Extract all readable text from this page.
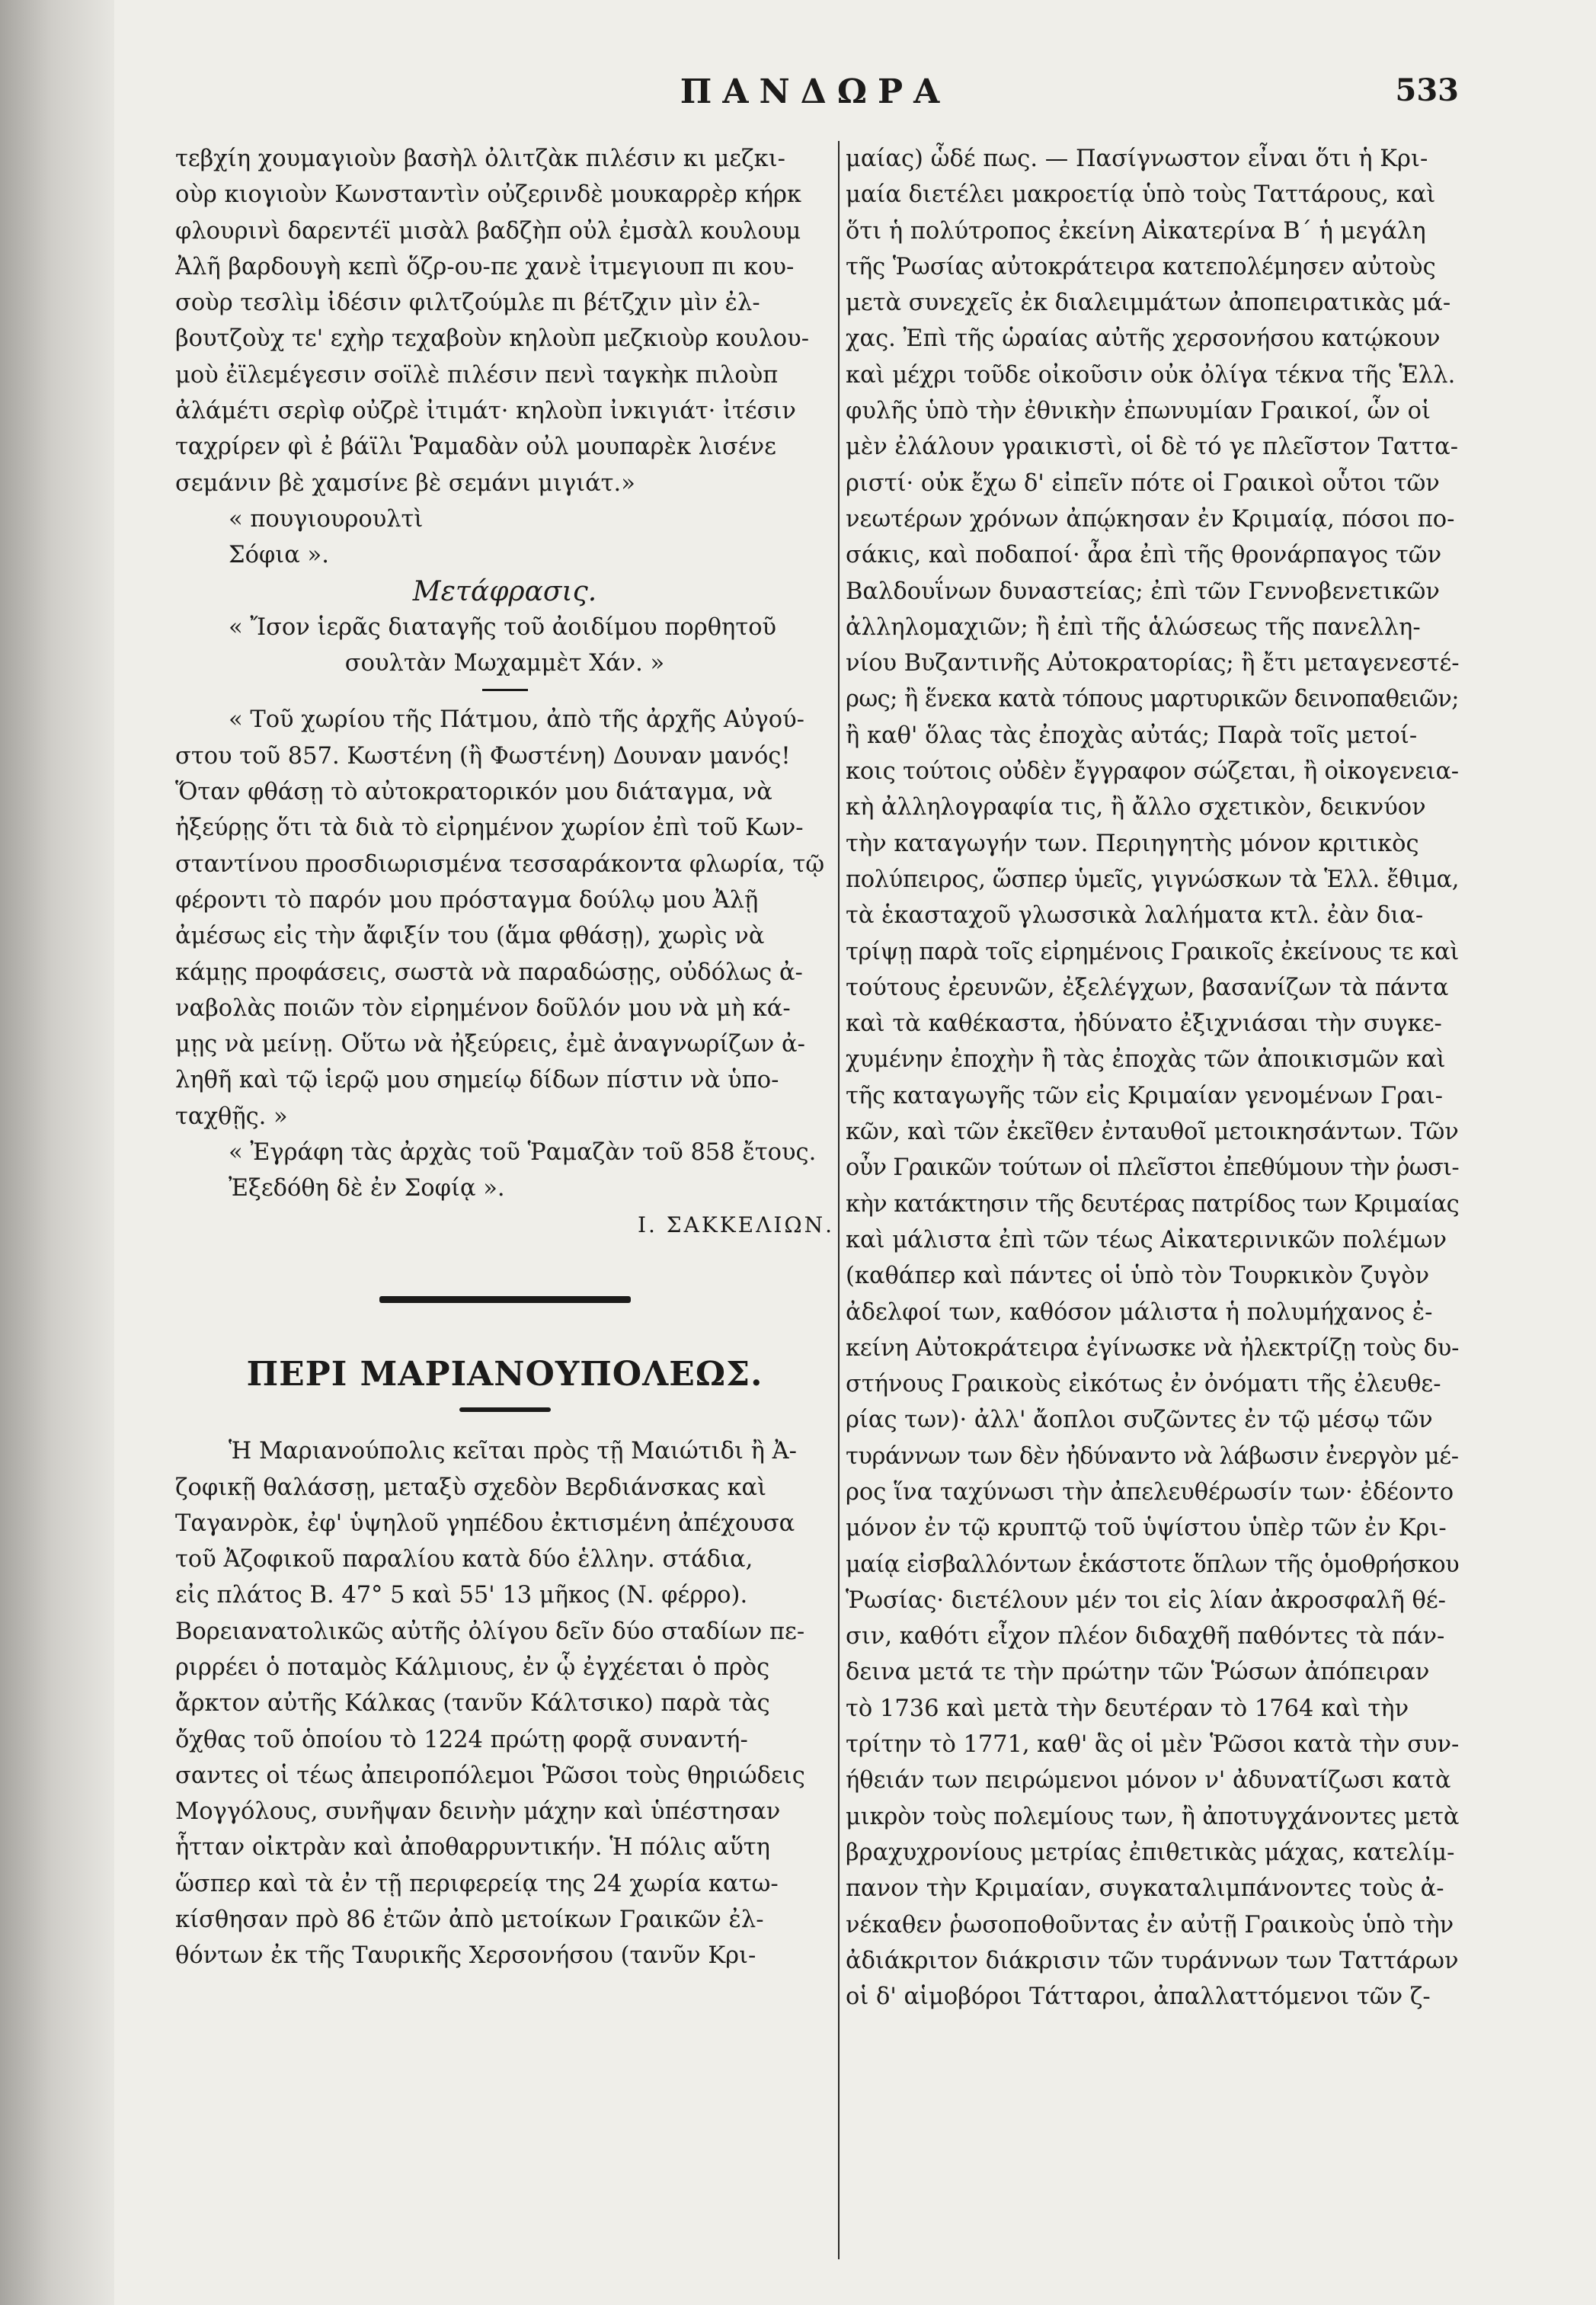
ΠΑΝΔΩΡΑ	533
τεβχίη χουμαγιοὺν βασὴλ ὀλιτζὰκ πιλέσιν κι μεζκι-
οὺρ κιογιοὺν Κωνσταντὶν οὐζερινδὲ μουκαρρὲρ κήρκ
φλουρινὶ δαρεντέϊ μισὰλ βαδζὴπ οὐλ ἐμσὰλ κουλουμ
Ἀλῆ βαρδουγὴ κεπὶ ὅζρ-ου-πε χανὲ ἰτμεγιουπ πι κου-
σοὺρ τεσλὶμ ἰδέσιν φιλτζούμλε πι βέτζχιν μὶν ἐλ-
βουτζοὺχ τε' εχὴρ τεχαβοὺν κηλοὺπ μεζκιοὺρ κουλου-
μοὺ ἐϊλεμέγεσιν σοϊλὲ πιλέσιν πενὶ ταγκὴκ πιλοὺπ
ἀλάμέτι σερὶφ οὐζρὲ ἰτιμάτ· κηλοὺπ ἰνκιγιάτ· ἰτέσιν
ταχρίρεν φὶ ἐ βάϊλι Ῥαμαδὰν οὐλ μουπαρὲκ λισένε
σεμάνιν βὲ χαμσίνε βὲ σεμάνι μιγιάτ.»
« πουγιουρουλτὶ
Σόφια ».
Μετάφρασις.
« Ἴσον ἱερᾶς διαταγῆς τοῦ ἀοιδίμου πορθητοῦ
σουλτὰν Μωχαμμὲτ Χάν. »
« Τοῦ χωρίου τῆς Πάτμου, ἀπὸ τῆς ἀρχῆς Αὐγού-
στου τοῦ 857. Κωστένη (ἢ Φωστένη) Δουναν μανός!
Ὅταν φθάσῃ τὸ αὐτοκρατορικόν μου διάταγμα, νὰ
ἠξεύρῃς ὅτι τὰ διὰ τὸ εἰρημένον χωρίον ἐπὶ τοῦ Κων-
σταντίνου προσδιωρισμένα τεσσαράκοντα φλωρία, τῷ
φέροντι τὸ παρόν μου πρόσταγμα δούλῳ μου Ἀλῇ
ἀμέσως εἰς τὴν ἄφιξίν του (ἅμα φθάσῃ), χωρὶς νὰ
κάμῃς προφάσεις, σωστὰ νὰ παραδώσῃς, οὐδόλως ἀ-
ναβολὰς ποιῶν τὸν εἰρημένον δοῦλόν μου νὰ μὴ κά-
μῃς νὰ μείνῃ. Οὕτω νὰ ἠξεύρεις, ἐμὲ ἀναγνωρίζων ἀ-
ληθῆ καὶ τῷ ἱερῷ μου σημείῳ δίδων πίστιν νὰ ὑπο-
ταχθῇς. »
« Ἐγράφη τὰς ἀρχὰς τοῦ Ῥαμαζὰν τοῦ 858 ἔτους.
Ἐξεδόθη δὲ ἐν Σοφίᾳ ».
Ι. ΣΑΚΚΕΛΙΩΝ.
ΠΕΡΙ ΜΑΡΙΑΝΟΥΠΟΛΕΩΣ.
Ἡ Μαριανούπολις κεῖται πρὸς τῇ Μαιώτιδι ἢ Ἀ-
ζοφικῇ θαλάσσῃ, μεταξὺ σχεδὸν Βερδιάνσκας καὶ
Ταγανρὸκ, ἐφ' ὑψηλοῦ γηπέδου ἐκτισμένη ἀπέχουσα
τοῦ Ἀζοφικοῦ παραλίου κατὰ δύο ἑλλην. στάδια,
εἰς πλάτος Β. 47° 5 καὶ 55' 13 μῆκος (Ν. φέρρο).
Βορειανατολικῶς αὐτῆς ὀλίγου δεῖν δύο σταδίων πε-
ριρρέει ὁ ποταμὸς Κάλμιους, ἐν ᾧ ἐγχέεται ὁ πρὸς
ἄρκτον αὐτῆς Κάλκας (τανῦν Κάλτσικο) παρὰ τὰς
ὄχθας τοῦ ὁποίου τὸ 1224 πρώτῃ φορᾷ συναντή-
σαντες οἱ τέως ἀπειροπόλεμοι Ῥῶσοι τοὺς θηριώδεις
Μογγόλους, συνῆψαν δεινὴν μάχην καὶ ὑπέστησαν
ἧτταν οἰκτρὰν καὶ ἀποθαρρυντικήν. Ἡ πόλις αὕτη
ὥσπερ καὶ τὰ ἐν τῇ περιφερείᾳ της 24 χωρία κατω-
κίσθησαν πρὸ 86 ἐτῶν ἀπὸ μετοίκων Γραικῶν ἐλ-
θόντων ἐκ τῆς Ταυρικῆς Χερσονήσου (τανῦν Κρι-
μαίας) ὧδέ πως. — Πασίγνωστον εἶναι ὅτι ἡ Κρι-
μαία διετέλει μακροετίᾳ ὑπὸ τοὺς Ταττάρους, καὶ
ὅτι ἡ πολύτροπος ἐκείνη Αἰκατερίνα Β΄ ἡ μεγάλη
τῆς Ῥωσίας αὐτοκράτειρα κατεπολέμησεν αὐτοὺς
μετὰ συνεχεῖς ἐκ διαλειμμάτων ἀποπειρατικὰς μά-
χας. Ἐπὶ τῆς ὡραίας αὐτῆς χερσονήσου κατῴκουν
καὶ μέχρι τοῦδε οἰκοῦσιν οὐκ ὀλίγα τέκνα τῆς Ἑλλ.
φυλῆς ὑπὸ τὴν ἐθνικὴν ἐπωνυμίαν Γραικοί, ὧν οἱ
μὲν ἐλάλουν γραικιστὶ, οἱ δὲ τό γε πλεῖστον Ταττα-
ριστί· οὐκ ἔχω δ' εἰπεῖν πότε οἱ Γραικοὶ οὗτοι τῶν
νεωτέρων χρόνων ἀπῴκησαν ἐν Κριμαίᾳ, πόσοι πο-
σάκις, καὶ ποδαποί· ἆρα ἐπὶ τῆς θρονάρπαγος τῶν
Βαλδουΐνων δυναστείας; ἐπὶ τῶν Γεννοβενετικῶν
ἀλληλομαχιῶν; ἢ ἐπὶ τῆς ἁλώσεως τῆς πανελλη-
νίου Βυζαντινῆς Αὐτοκρατορίας; ἢ ἔτι μεταγενεστέ-
ρως; ἢ ἕνεκα κατὰ τόπους μαρτυρικῶν δεινοπαθειῶν;
ἢ καθ' ὅλας τὰς ἐποχὰς αὐτάς; Παρὰ τοῖς μετοί-
κοις τούτοις οὐδὲν ἔγγραφον σώζεται, ἢ οἰκογενεια-
κὴ ἀλληλογραφία τις, ἢ ἄλλο σχετικὸν, δεικνύον
τὴν καταγωγήν των. Περιηγητὴς μόνον κριτικὸς
πολύπειρος, ὥσπερ ὑμεῖς, γιγνώσκων τὰ Ἑλλ. ἔθιμα,
τὰ ἑκασταχοῦ γλωσσικὰ λαλήματα κτλ. ἐὰν δια-
τρίψῃ παρὰ τοῖς εἰρημένοις Γραικοῖς ἐκείνους τε καὶ
τούτους ἐρευνῶν, ἐξελέγχων, βασανίζων τὰ πάντα
καὶ τὰ καθέκαστα, ἠδύνατο ἐξιχνιάσαι τὴν συγκε-
χυμένην ἐποχὴν ἢ τὰς ἐποχὰς τῶν ἀποικισμῶν καὶ
τῆς καταγωγῆς τῶν εἰς Κριμαίαν γενομένων Γραι-
κῶν, καὶ τῶν ἐκεῖθεν ἐνταυθοῖ μετοικησάντων. Τῶν
οὖν Γραικῶν τούτων οἱ πλεῖστοι ἐπεθύμουν τὴν ῥωσι-
κὴν κατάκτησιν τῆς δευτέρας πατρίδος των Κριμαίας
καὶ μάλιστα ἐπὶ τῶν τέως Αἰκατερινικῶν πολέμων
(καθάπερ καὶ πάντες οἱ ὑπὸ τὸν Τουρκικὸν ζυγὸν
ἀδελφοί των, καθόσον μάλιστα ἡ πολυμήχανος ἐ-
κείνη Αὐτοκράτειρα ἐγίνωσκε νὰ ἠλεκτρίζῃ τοὺς δυ-
στήνους Γραικοὺς εἰκότως ἐν ὀνόματι τῆς ἐλευθε-
ρίας των)· ἀλλ' ἄοπλοι συζῶντες ἐν τῷ μέσῳ τῶν
τυράννων των δὲν ἠδύναντο νὰ λάβωσιν ἐνεργὸν μέ-
ρος ἵνα ταχύνωσι τὴν ἀπελευθέρωσίν των· ἐδέοντο
μόνον ἐν τῷ κρυπτῷ τοῦ ὑψίστου ὑπὲρ τῶν ἐν Κρι-
μαίᾳ εἰσβαλλόντων ἑκάστοτε ὅπλων τῆς ὁμοθρήσκου
Ῥωσίας· διετέλουν μέν τοι εἰς λίαν ἀκροσφαλῆ θέ-
σιν, καθότι εἶχον πλέον διδαχθῆ παθόντες τὰ πάν-
δεινα μετά τε τὴν πρώτην τῶν Ῥώσων ἀπόπειραν
τὸ 1736 καὶ μετὰ τὴν δευτέραν τὸ 1764 καὶ τὴν
τρίτην τὸ 1771, καθ' ἃς οἱ μὲν Ῥῶσοι κατὰ τὴν συν-
ήθειάν των πειρώμενοι μόνον ν' ἀδυνατίζωσι κατὰ
μικρὸν τοὺς πολεμίους των, ἢ ἀποτυγχάνοντες μετὰ
βραχυχρονίους μετρίας ἐπιθετικὰς μάχας, κατελίμ-
πανον τὴν Κριμαίαν, συγκαταλιμπάνοντες τοὺς ἀ-
νέκαθεν ῥωσοποθοῦντας ἐν αὐτῇ Γραικοὺς ὑπὸ τὴν
ἀδιάκριτον διάκρισιν τῶν τυράννων των Ταττάρων
οἱ δ' αἱμοβόροι Τάτταροι, ἀπαλλαττόμενοι τῶν ζ-
